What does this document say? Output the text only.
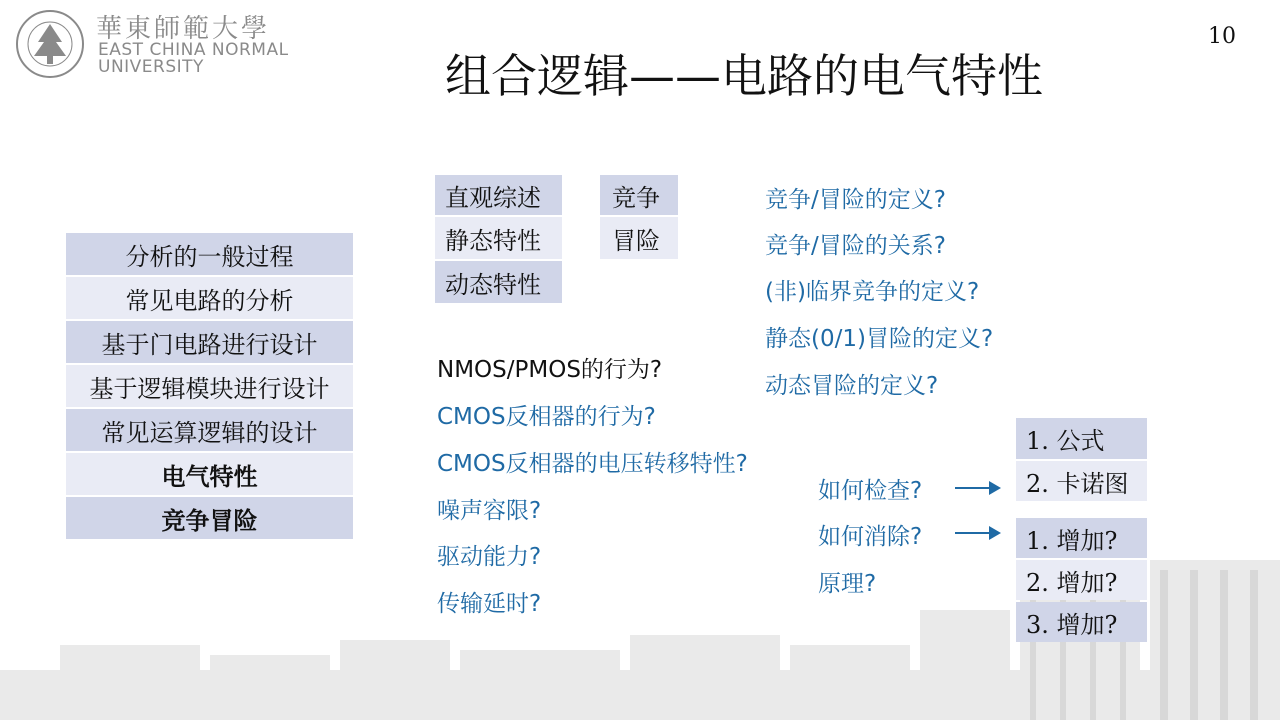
華東師範大學
EAST CHINA NORMAL
UNIVERSITY
10
组合逻辑——电路的电气特性
分析的一般过程
常见电路的分析
基于门电路进行设计
基于逻辑模块进行设计
常见运算逻辑的设计
电气特性
竞争冒险
直观综述
静态特性
动态特性
竞争
冒险
竞争/冒险的定义?
竞争/冒险的关系?
(非)临界竞争的定义?
静态(0/1)冒险的定义?
动态冒险的定义?
NMOS/PMOS的行为?
CMOS反相器的行为?
CMOS反相器的电压转移特性?
噪声容限?
驱动能力?
传输延时?
如何检查?
如何消除?
原理?
1. 公式
2. 卡诺图
1. 增加?
2. 增加?
3. 增加?
